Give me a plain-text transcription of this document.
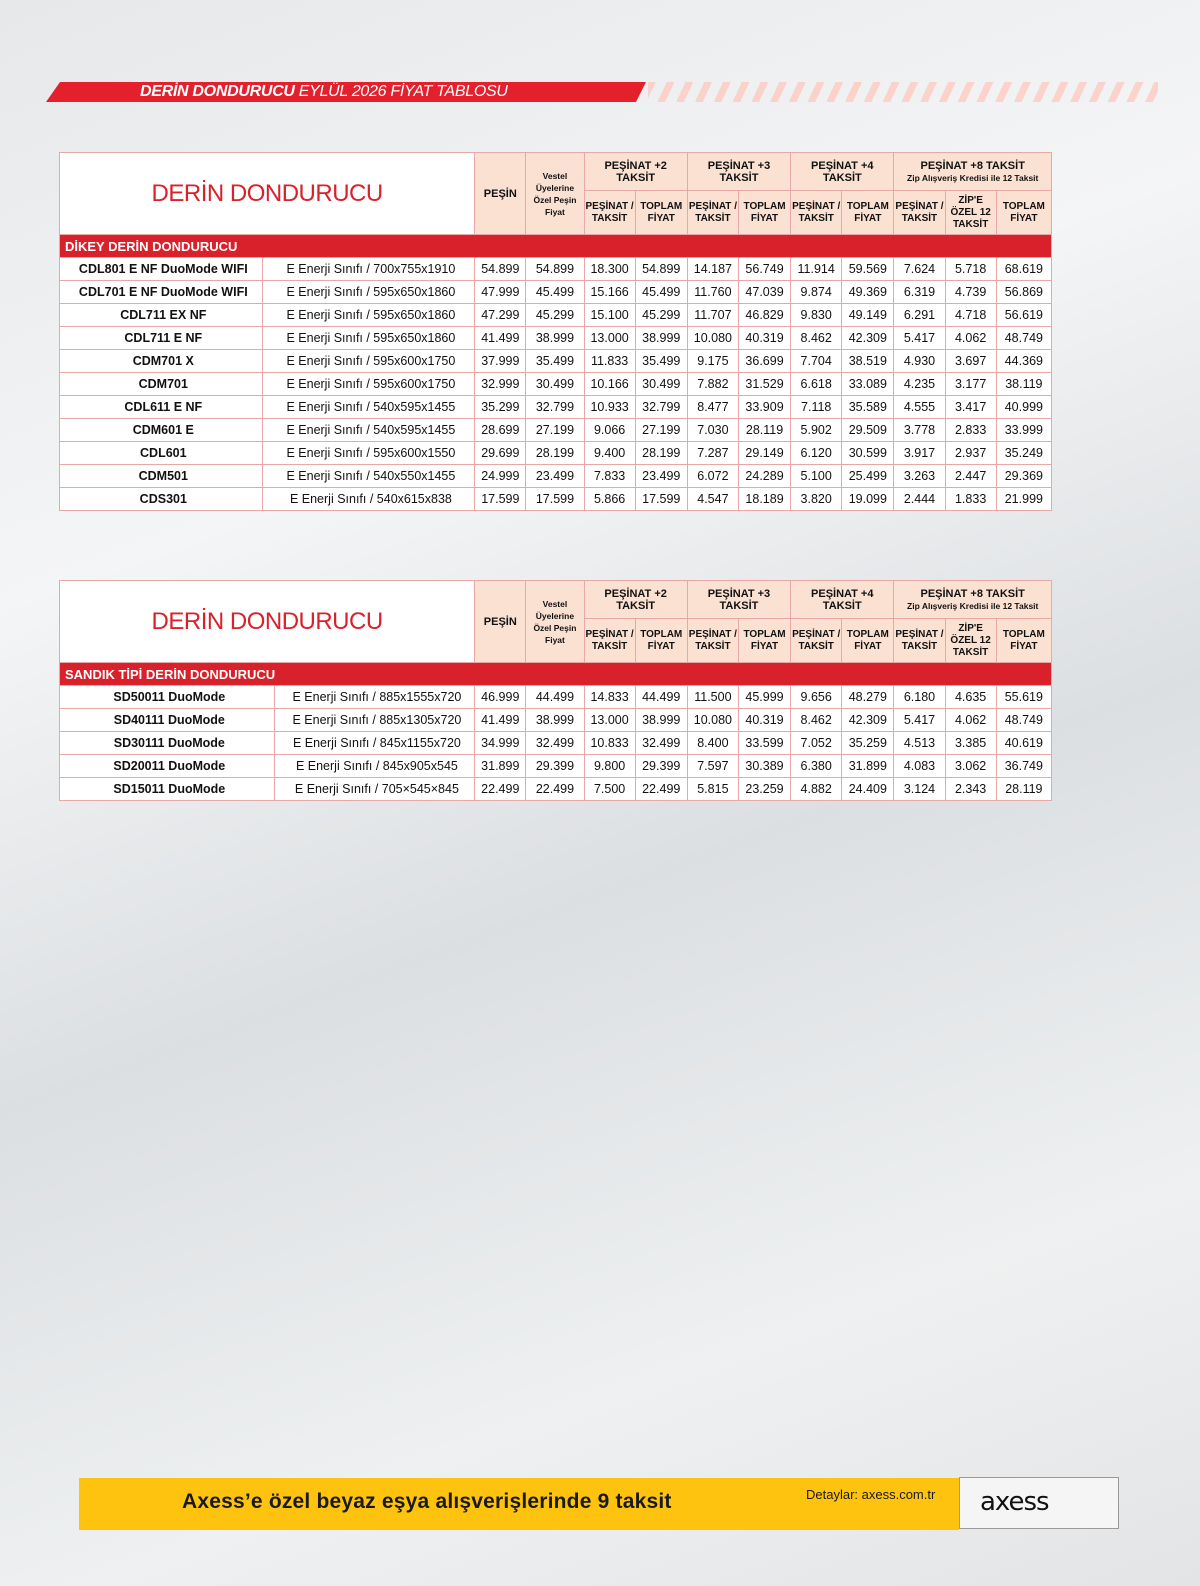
DERİN DONDURUCU EYLÜL 2026 FİYAT TABLOSU
DERİN DONDURUCU		PEŞİN	Vestel Üyelerine Özel Peşin Fiyat	PEŞİNAT +2 TAKSİT		PEŞİNAT +3 TAKSİT		PEŞİNAT +4 TAKSİT		PEŞİNAT +8 TAKSİT
Zip Alışveriş Kredisi ile 12 Taksit		

				PEŞİNAT / TAKSİT	TOPLAM FİYAT	PEŞİNAT / TAKSİT	TOPLAM FİYAT	PEŞİNAT / TAKSİT	TOPLAM FİYAT	PEŞİNAT / TAKSİT	ZİP'E ÖZEL 12 TAKSİT	TOPLAM FİYAT
DİKEY DERİN DONDURUCU												
CDL801 E NF DuoMode WIFI	E Enerji Sınıfı / 700x755x1910	54.899	54.899	18.300	54.899	14.187	56.749	11.914	59.569	7.624	5.718	68.619
CDL701 E NF DuoMode WIFI	E Enerji Sınıfı / 595x650x1860	47.999	45.499	15.166	45.499	11.760	47.039	9.874	49.369	6.319	4.739	56.869
CDL711 EX NF	E Enerji Sınıfı / 595x650x1860	47.299	45.299	15.100	45.299	11.707	46.829	9.830	49.149	6.291	4.718	56.619
CDL711 E NF	E Enerji Sınıfı / 595x650x1860	41.499	38.999	13.000	38.999	10.080	40.319	8.462	42.309	5.417	4.062	48.749
CDM701 X	E Enerji Sınıfı / 595x600x1750	37.999	35.499	11.833	35.499	9.175	36.699	7.704	38.519	4.930	3.697	44.369
CDM701	E Enerji Sınıfı / 595x600x1750	32.999	30.499	10.166	30.499	7.882	31.529	6.618	33.089	4.235	3.177	38.119
CDL611 E NF	E Enerji Sınıfı / 540x595x1455	35.299	32.799	10.933	32.799	8.477	33.909	7.118	35.589	4.555	3.417	40.999
CDM601 E	E Enerji Sınıfı / 540x595x1455	28.699	27.199	9.066	27.199	7.030	28.119	5.902	29.509	3.778	2.833	33.999
CDL601	E Enerji Sınıfı / 595x600x1550	29.699	28.199	9.400	28.199	7.287	29.149	6.120	30.599	3.917	2.937	35.249
CDM501	E Enerji Sınıfı / 540x550x1455	24.999	23.499	7.833	23.499	6.072	24.289	5.100	25.499	3.263	2.447	29.369
CDS301	E Enerji Sınıfı / 540x615x838	17.599	17.599	5.866	17.599	4.547	18.189	3.820	19.099	2.444	1.833	21.999
DERİN DONDURUCU		PEŞİN	Vestel Üyelerine Özel Peşin Fiyat	PEŞİNAT +2 TAKSİT		PEŞİNAT +3 TAKSİT		PEŞİNAT +4 TAKSİT		PEŞİNAT +8 TAKSİT
Zip Alışveriş Kredisi ile 12 Taksit		

				PEŞİNAT / TAKSİT	TOPLAM FİYAT	PEŞİNAT / TAKSİT	TOPLAM FİYAT	PEŞİNAT / TAKSİT	TOPLAM FİYAT	PEŞİNAT / TAKSİT	ZİP'E ÖZEL 12 TAKSİT	TOPLAM FİYAT
SANDIK TİPİ DERİN DONDURUCU												
SD50011 DuoMode	E Enerji Sınıfı / 885x1555x720	46.999	44.499	14.833	44.499	11.500	45.999	9.656	48.279	6.180	4.635	55.619
SD40111 DuoMode	E Enerji Sınıfı / 885x1305x720	41.499	38.999	13.000	38.999	10.080	40.319	8.462	42.309	5.417	4.062	48.749
SD30111 DuoMode	E Enerji Sınıfı / 845x1155x720	34.999	32.499	10.833	32.499	8.400	33.599	7.052	35.259	4.513	3.385	40.619
SD20011 DuoMode	E Enerji Sınıfı / 845x905x545	31.899	29.399	9.800	29.399	7.597	30.389	6.380	31.899	4.083	3.062	36.749
SD15011 DuoMode	E Enerji Sınıfı / 705×545×845	22.499	22.499	7.500	22.499	5.815	23.259	4.882	24.409	3.124	2.343	28.119
Axess’e özel beyaz eşya alışverişlerinde 9 taksit	Detaylar: axess.com.tr axess
